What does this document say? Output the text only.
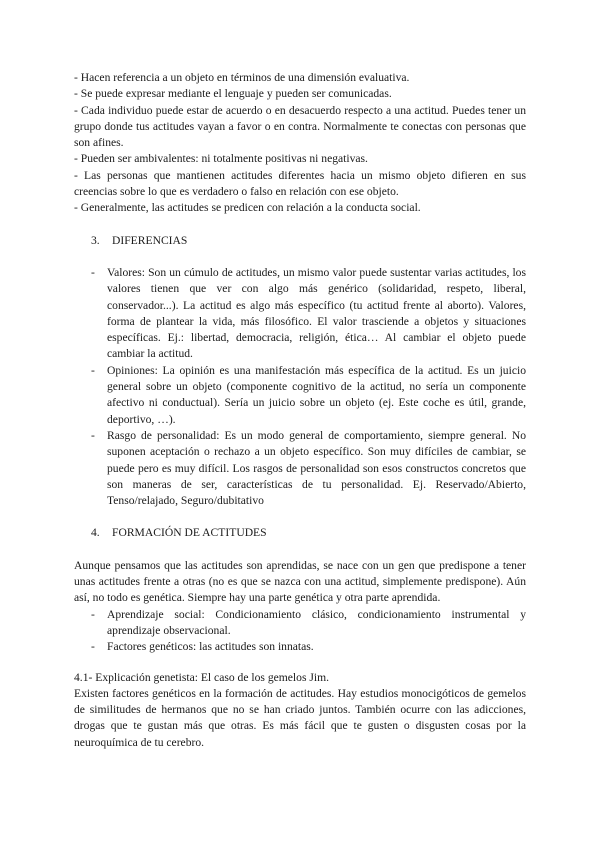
- Hacen referencia a un objeto en términos de una dimensión evaluativa.

- Se puede expresar mediante el lenguaje y pueden ser comunicadas.

- Cada individuo puede estar de acuerdo o en desacuerdo respecto a una actitud. Puedes tener un grupo donde tus actitudes vayan a favor o en contra. Normalmente te conectas con personas que son afines.

- Pueden ser ambivalentes: ni totalmente positivas ni negativas.

- Las personas que mantienen actitudes diferentes hacia un mismo objeto difieren en sus creencias sobre lo que es verdadero o falso en relación con ese objeto.

- Generalmente, las actitudes se predicen con relación a la conducta social.

3.	DIFERENCIAS
-	Valores: Son un cúmulo de actitudes, un mismo valor puede sustentar varias actitudes, los valores tienen que ver con algo más genérico (solidaridad, respeto, liberal, conservador...). La actitud es algo más específico (tu actitud frente al aborto). Valores, forma de plantear la vida, más filosófico. El valor trasciende a objetos y situaciones específicas. Ej.: libertad, democracia, religión, ética… Al cambiar el objeto puede cambiar la actitud.

-	Opiniones: La opinión es una manifestación más específica de la actitud. Es un juicio general sobre un objeto (componente cognitivo de la actitud, no sería un componente afectivo ni conductual). Sería un juicio sobre un objeto (ej. Este coche es útil, grande, deportivo, …).

-	Rasgo de personalidad: Es un modo general de comportamiento, siempre general. No suponen aceptación o rechazo a un objeto específico. Son muy difíciles de cambiar, se puede pero es muy difícil. Los rasgos de personalidad son esos constructos concretos que son maneras de ser, características de tu personalidad. Ej. Reservado/Abierto, Tenso/relajado, Seguro/dubitativo

4.	FORMACIÓN DE ACTITUDES

Aunque pensamos que las actitudes son aprendidas, se nace con un gen que predispone a tener unas actitudes frente a otras (no es que se nazca con una actitud, simplemente predispone). Aún así, no todo es genética. Siempre hay una parte genética y otra parte aprendida.

-	Aprendizaje social: Condicionamiento clásico, condicionamiento instrumental y aprendizaje observacional.

-	Factores genéticos: las actitudes son innatas.

4.1- Explicación genetista: El caso de los gemelos Jim.

Existen factores genéticos en la formación de actitudes. Hay estudios monocigóticos de gemelos de similitudes de hermanos que no se han criado juntos. También ocurre con las adicciones, drogas que te gustan más que otras. Es más fácil que te gusten o disgusten cosas por la neuroquímica de tu cerebro.
